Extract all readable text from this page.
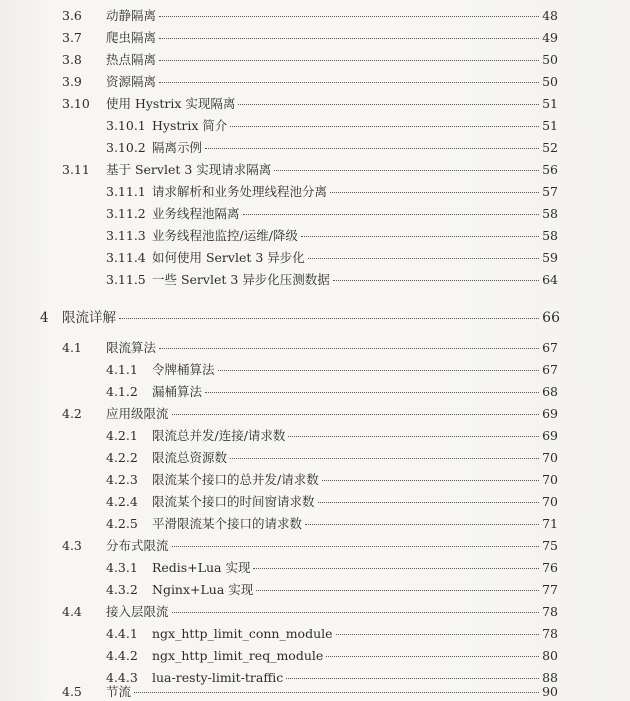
3.6	动静隔离	48
3.7	爬虫隔离	49
3.8	热点隔离	50
3.9	资源隔离	50
3.10	使用 Hystrix 实现隔离	51
3.10.1 Hystrix 简介	51
3.10.2 隔离示例	52
3.11	基于 Servlet 3 实现请求隔离	56
3.11.1 请求解析和业务处理线程池分离	57
3.11.2 业务线程池隔离	58
3.11.3 业务线程池监控/运维/降级	58
3.11.4 如何使用 Servlet 3 异步化	59
3.11.5 一些 Servlet 3 异步化压测数据	64
4 限流详解	66
4.1	限流算法	67
4.1.1	令牌桶算法	67
4.1.2	漏桶算法	68
4.2	应用级限流	69
4.2.1	限流总并发/连接/请求数	69
4.2.2	限流总资源数	70
4.2.3	限流某个接口的总并发/请求数	70
4.2.4	限流某个接口的时间窗请求数	70
4.2.5	平滑限流某个接口的请求数	71
4.3	分布式限流	75
4.3.1	Redis+Lua 实现	76
4.3.2	Nginx+Lua 实现	77
4.4	接入层限流	78
4.4.1	ngx_http_limit_conn_module	78
4.4.2	ngx_http_limit_req_module	80
4.4.3	lua-resty-limit-traffic	88
4.5	节流	90
